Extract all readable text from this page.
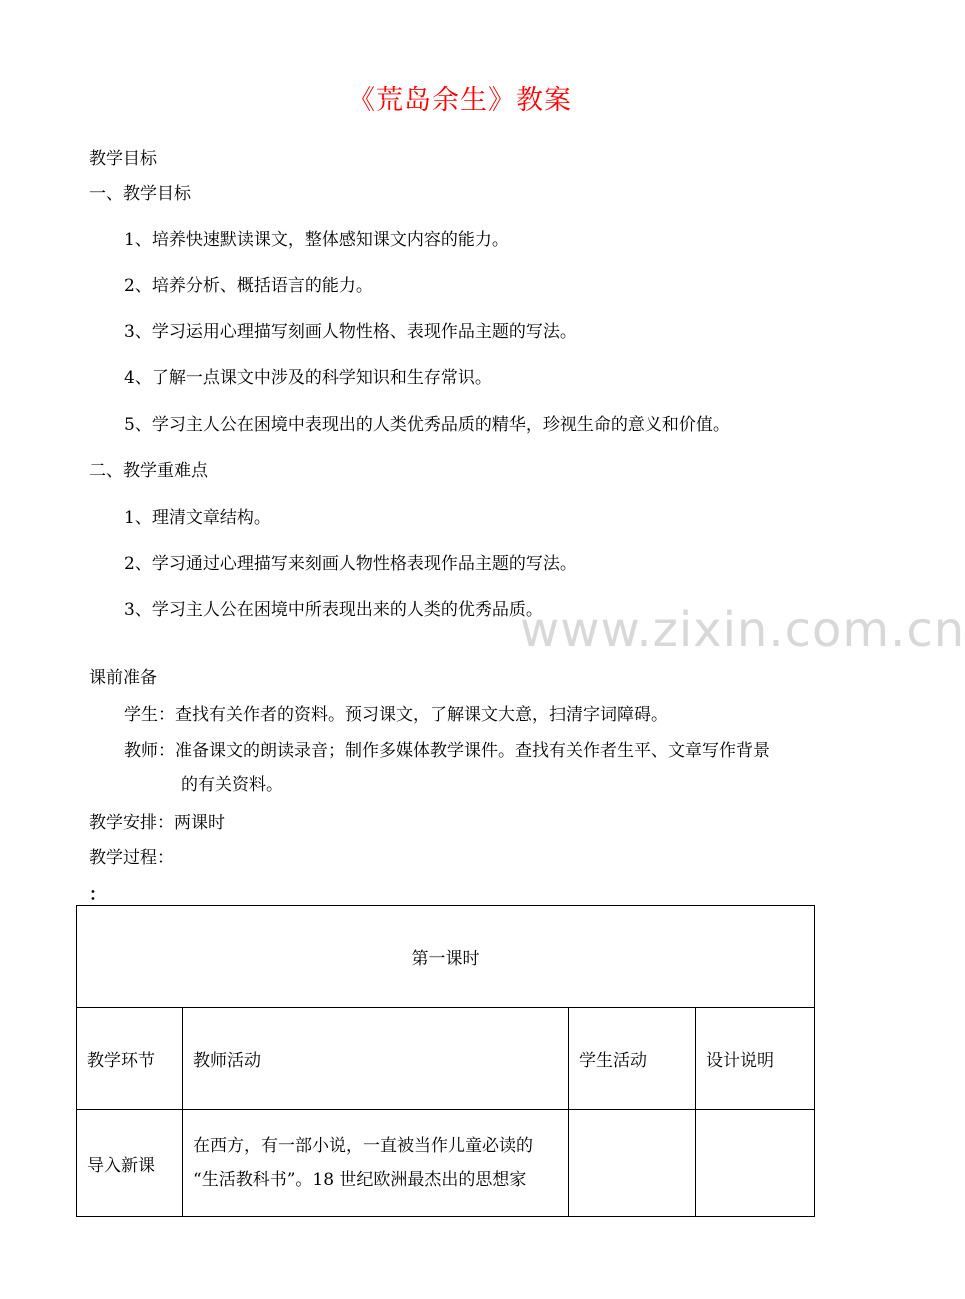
《荒岛余生》教案
教学目标
一、教学目标
1、培养快速默读课文，整体感知课文内容的能力。
2、培养分析、概括语言的能力。
3、学习运用心理描写刻画人物性格、表现作品主题的写法。
4、了解一点课文中涉及的科学知识和生存常识。
5、学习主人公在困境中表现出的人类优秀品质的精华，珍视生命的意义和价值。
二、教学重难点
1、理清文章结构。
2、学习通过心理描写来刻画人物性格表现作品主题的写法。
3、学习主人公在困境中所表现出来的人类的优秀品质。
www.zixin.com.cn
课前准备
学生：查找有关作者的资料。预习课文，了解课文大意，扫清字词障碍。
教师：准备课文的朗读录音；制作多媒体教学课件。查找有关作者生平、文章写作背景
的有关资料。
教学安排：两课时
教学过程：
：
第一课时			
教学环节	教师活动	学生活动	设计说明
导入新课	在西方，有一部小说，一直被当作儿童必读的
“生活教科书”。18 世纪欧洲最杰出的思想家		
